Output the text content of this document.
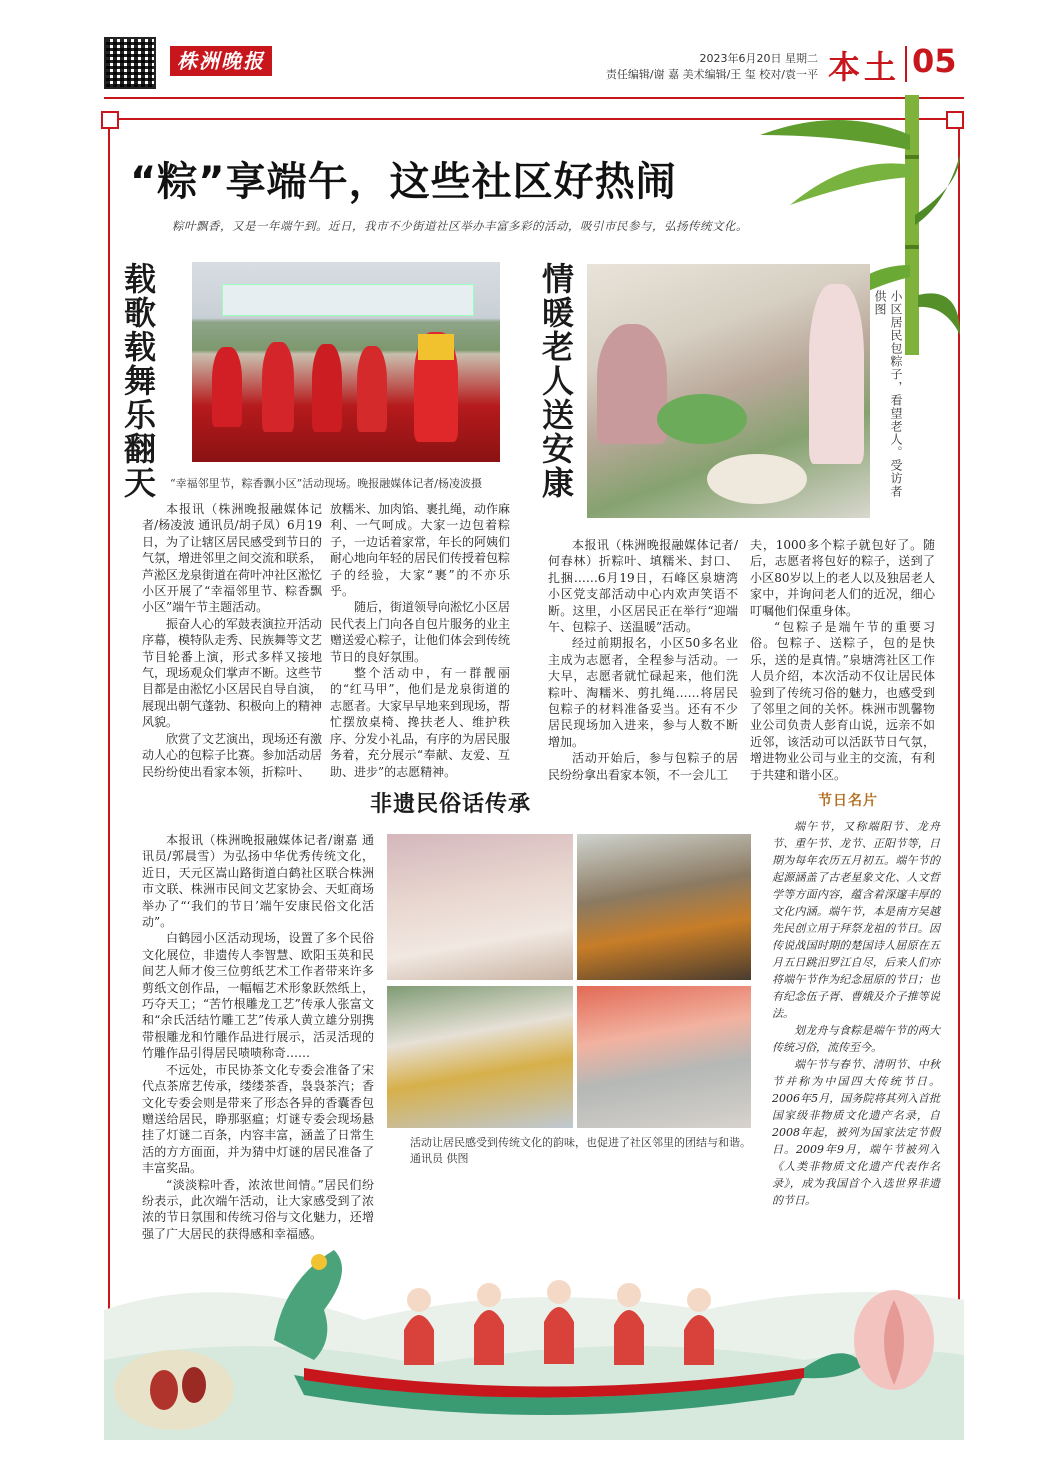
株洲晚报	2023年6月20日 星期二
责任编辑/谢 嘉 美术编辑/王 玺 校对/袁一平 本土 05
“粽”享端午，这些社区好热闹
粽叶飘香，又是一年端午到。近日，我市不少街道社区举办丰富多彩的活动，吸引市民参与，弘扬传统文化。
载歌载舞乐翻天 “幸福邻里节，粽香飘小区”活动现场。晚报融媒体记者/杨凌波摄

本报讯（株洲晚报融媒体记者/杨凌波 通讯员/胡子凤）6月19日，为了让辖区居民感受到节日的气氛，增进邻里之间交流和联系，芦淞区龙泉街道在荷叶冲社区淞忆小区开展了“幸福邻里节、粽香飘小区”端午节主题活动。

振奋人心的军鼓表演拉开活动序幕，模特队走秀、民族舞等文艺节目轮番上演，形式多样又接地气，现场观众们掌声不断。这些节目都是由淞忆小区居民自导自演，展现出朝气蓬勃、积极向上的精神风貌。

欣赏了文艺演出，现场还有激动人心的包粽子比赛。参加活动居民纷纷使出看家本领，折粽叶、

放糯米、加肉馅、裹扎绳，动作麻利、一气呵成。大家一边包着粽子，一边话着家常，年长的阿姨们耐心地向年轻的居民们传授着包粽子的经验，大家“裹”的不亦乐乎。

随后，街道领导向淞忆小区居民代表上门向各自包片服务的业主赠送爱心粽子，让他们体会到传统节日的良好氛围。

整个活动中，有一群靓丽的“红马甲”，他们是龙泉街道的志愿者。大家早早地来到现场，帮忙摆放桌椅、搀扶老人、维护秩序、分发小礼品，有序的为居民服务着，充分展示“奉献、友爱、互助、进步”的志愿精神。

情暖老人送安康	小区居民包粽子，看望老人。受访者供图

本报讯（株洲晚报融媒体记者/何春林）折粽叶、填糯米、封口、扎捆……6月19日，石峰区泉塘湾小区党支部活动中心内欢声笑语不断。这里，小区居民正在举行“迎端午、包粽子、送温暖”活动。

经过前期报名，小区50多名业主成为志愿者，全程参与活动。一大早，志愿者就忙碌起来，他们洗粽叶、淘糯米、剪扎绳……将居民包粽子的材料准备妥当。还有不少居民现场加入进来，参与人数不断增加。

活动开始后，参与包粽子的居民纷纷拿出看家本领，不一会儿工

夫，1000多个粽子就包好了。随后，志愿者将包好的粽子，送到了小区80岁以上的老人以及独居老人家中，并询问老人们的近况，细心叮嘱他们保重身体。

“包粽子是端午节的重要习俗。包粽子、送粽子，包的是快乐，送的是真情。”泉塘湾社区工作人员介绍，本次活动不仅让居民体验到了传统习俗的魅力，也感受到了邻里之间的关怀。株洲市凯馨物业公司负责人彭育山说，远亲不如近邻，该活动可以活跃节日气氛，增进物业公司与业主的交流，有利于共建和谐小区。

非遗民俗话传承

本报讯（株洲晚报融媒体记者/谢嘉 通讯员/郭晨雪）为弘扬中华优秀传统文化，近日，天元区嵩山路街道白鹤社区联合株洲市文联、株洲市民间文艺家协会、天虹商场举办了“‘我们的节日’端午安康民俗文化活动”。

白鹤园小区活动现场，设置了多个民俗文化展位，非遗传人李智慧、欧阳玉英和民间艺人师才俊三位剪纸艺术工作者带来许多剪纸文创作品，一幅幅艺术形象跃然纸上，巧夺天工；“苦竹根雕龙工艺”传承人张富文和“余氏活结竹雕工艺”传承人黄立雄分别携带根雕龙和竹雕作品进行展示，活灵活现的竹雕作品引得居民啧啧称奇……

不远处，市民协茶文化专委会准备了宋代点茶席艺传承，缕缕茶香，袅袅茶汽；香文化专委会则是带来了形态各异的香囊香包赠送给居民，睁那驱瘟；灯谜专委会现场悬挂了灯谜二百条，内容丰富，涵盖了日常生活的方方面面，并为猜中灯谜的居民准备了丰富奖品。

“淡淡粽叶香，浓浓世间情。”居民们纷纷表示，此次端午活动，让大家感受到了浓浓的节日氛围和传统习俗与文化魅力，还增强了广大居民的获得感和幸福感。

活动让居民感受到传统文化的韵味，也促进了社区邻里的团结与和谐。通讯员 供图
节日名片

端午节，又称端阳节、龙舟节、重午节、龙节、正阳节等，日期为每年农历五月初五。端午节的起源涵盖了古老星象文化、人文哲学等方面内容，蕴含着深邃丰厚的文化内涵。端午节，本是南方吴越先民创立用于拜祭龙祖的节日。因传说战国时期的楚国诗人屈原在五月五日跳汨罗江自尽，后来人们亦将端午节作为纪念屈原的节日；也有纪念伍子胥、曹娥及介子推等说法。

划龙舟与食粽是端午节的两大传统习俗，流传至今。

端午节与春节、清明节、中秋节并称为中国四大传统节日。2006年5月，国务院将其列入首批国家级非物质文化遗产名录，自2008年起，被列为国家法定节假日。2009年9月，端午节被列入《人类非物质文化遗产代表作名录》，成为我国首个入选世界非遗的节日。
